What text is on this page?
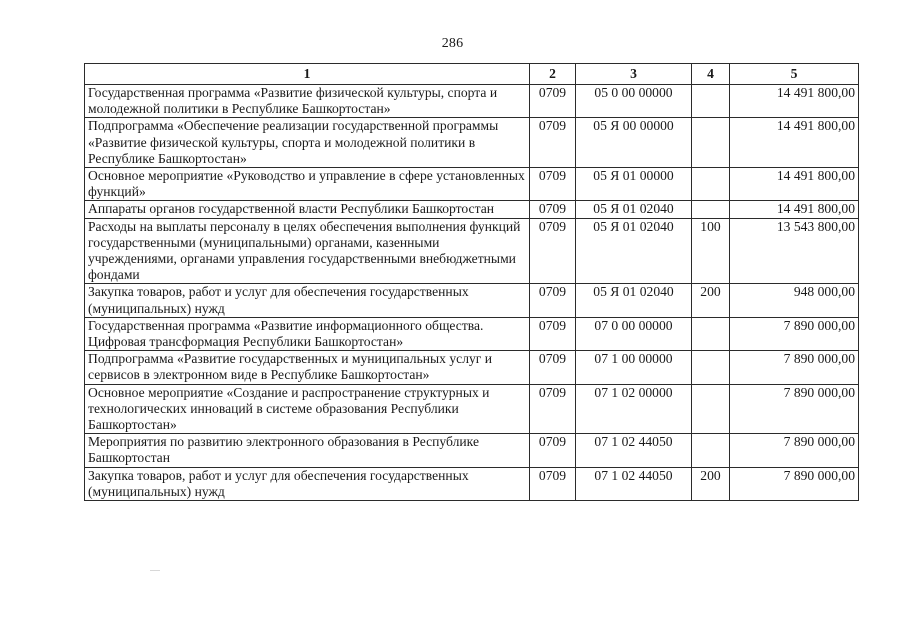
286
1	2	3	4	5
Государственная программа «Развитие физической культуры, спорта и молодежной политики в Республике Башкортостан»	0709	05 0 00 00000		14 491 800,00
Подпрограмма «Обеспечение реализации государственной программы «Развитие физической культуры, спорта и молодежной политики в Республике Башкортостан»	0709	05 Я 00 00000		14 491 800,00
Основное мероприятие «Руководство и управление в сфере установленных функций»	0709	05 Я 01 00000		14 491 800,00
Аппараты органов государственной власти Республики Башкортостан	0709	05 Я 01 02040		14 491 800,00
Расходы на выплаты персоналу в целях обеспечения выполнения функций государственными (муниципальными) органами, казенными учреждениями, органами управления государственными внебюджетными фондами	0709	05 Я 01 02040	100	13 543 800,00
Закупка товаров, работ и услуг для обеспечения государственных (муниципальных) нужд	0709	05 Я 01 02040	200	948 000,00
Государственная программа «Развитие информационного общества. Цифровая трансформация Республики Башкортостан»	0709	07 0 00 00000		7 890 000,00
Подпрограмма «Развитие государственных и муниципальных услуг и сервисов в электронном виде в Республике Башкортостан»	0709	07 1 00 00000		7 890 000,00
Основное мероприятие «Создание и распространение структурных и технологических инноваций в системе образования Республики Башкортостан»	0709	07 1 02 00000		7 890 000,00
Мероприятия по развитию электронного образования в Республике Башкортостан	0709	07 1 02 44050		7 890 000,00
Закупка товаров, работ и услуг для обеспечения государственных (муниципальных) нужд	0709	07 1 02 44050	200	7 890 000,00
